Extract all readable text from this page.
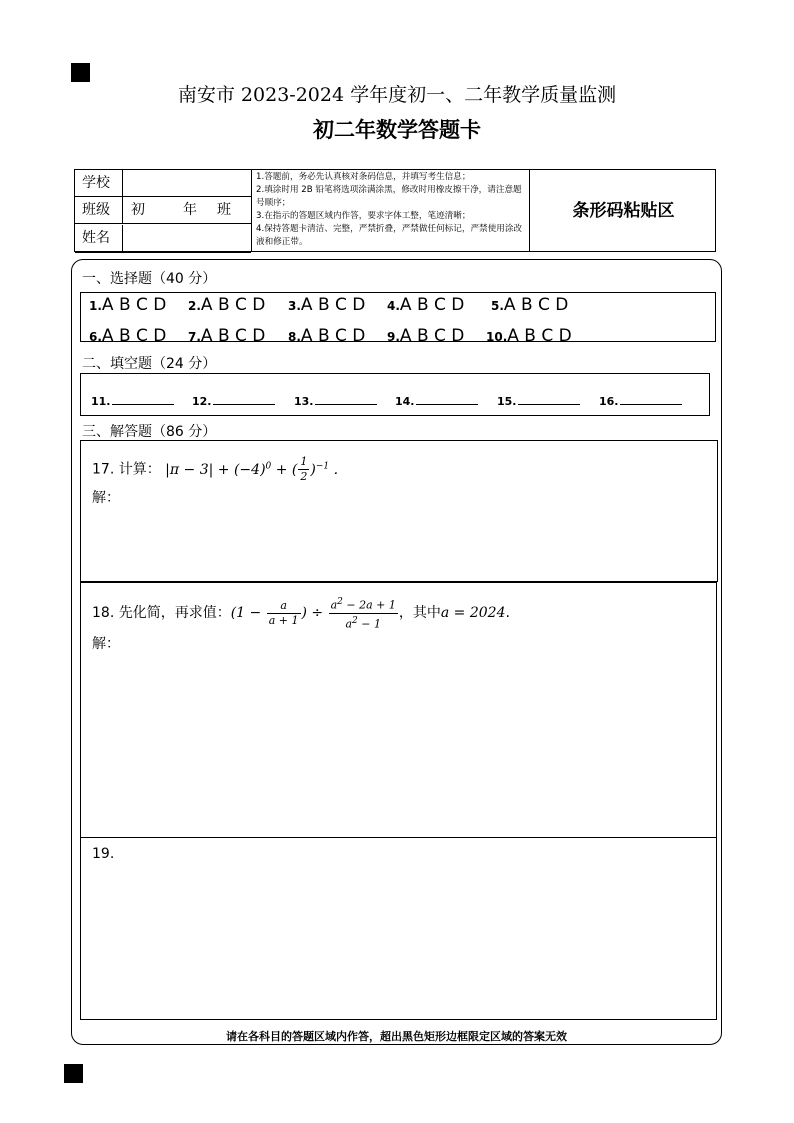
南安市 2023-2024 学年度初一、二年教学质量监测
初二年数学答题卡
学校
班级	初	年 班
姓名
1.答题前，务必先认真核对条码信息，并填写考生信息；
2.填涂时用 2B 铅笔将选项涂满涂黑，修改时用橡皮擦干净，请注意题号顺序；
3.在指示的答题区域内作答，要求字体工整，笔迹清晰；
4.保持答题卡清洁、完整，严禁折叠，严禁做任何标记，严禁使用涂改液和修正带。
条形码粘贴区
一、选择题（40 分）
1.A B C D 2.A B C D 3.A B C D 4.A B C D 5.A B C D
6.A B C D 7.A B C D 8.A B C D 9.A B C D 10.A B C D
二、填空题（24 分）
11.	12.	13.	14.	15.	16.
三、解答题（86 分）
17. 计算： $|\pi - 3| + (-4)^0$ + ( $\frac{1}{2} )^{-1}$ .
解：
18. 先化简，再求值：($1 - \frac{a}{a + 1}$ ) ÷ $\frac{a^2 - 2a + 1}{a^2 - 1}$ ，其中a = 2024.
解：
19.
请在各科目的答题区域内作答，超出黑色矩形边框限定区域的答案无效
